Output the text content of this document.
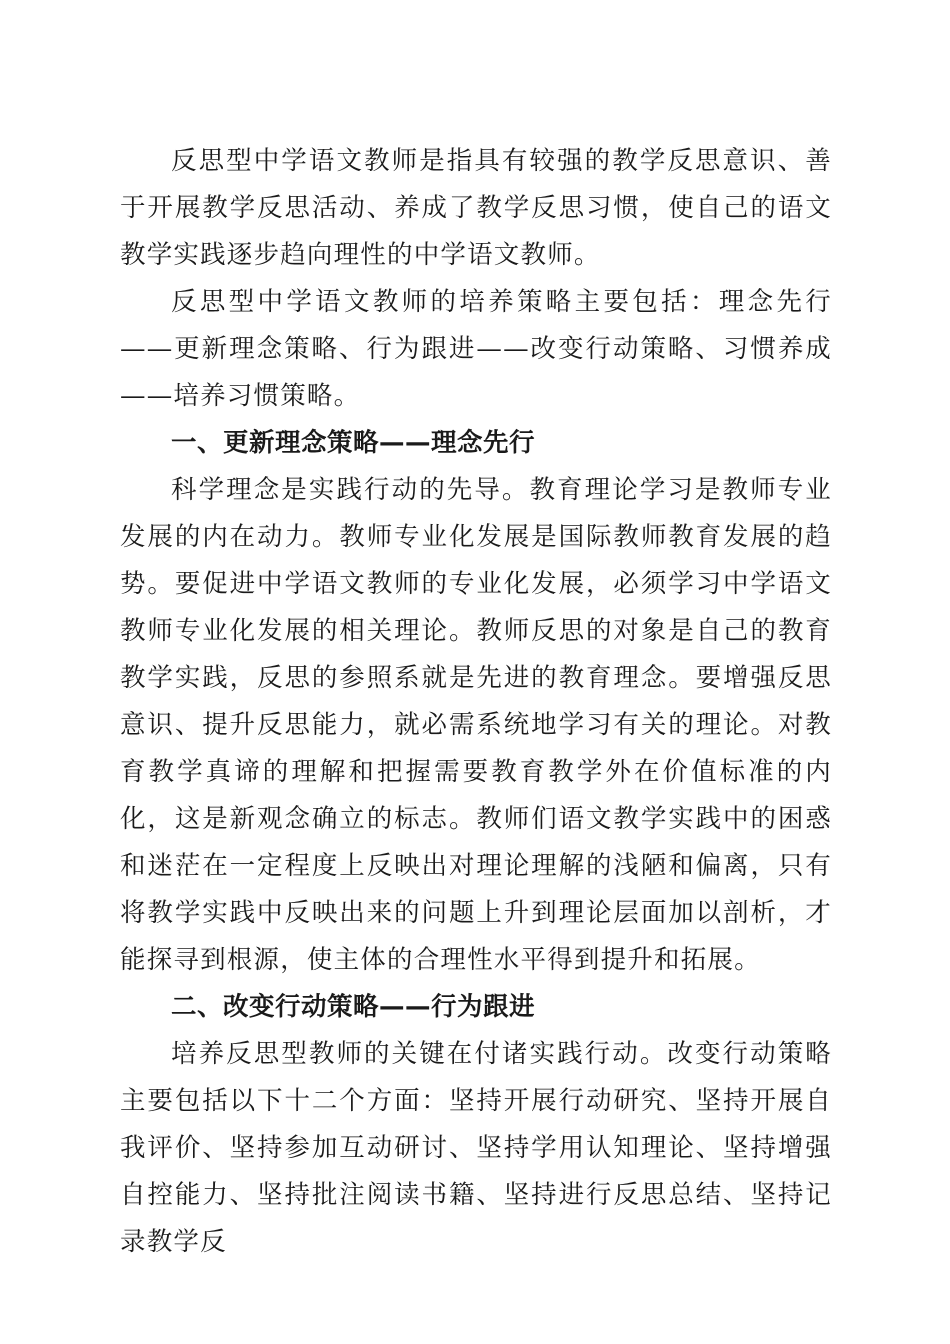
反思型中学语文教师是指具有较强的教学反思意识、善于开展教学反思活动、养成了教学反思习惯，使自己的语文教学实践逐步趋向理性的中学语文教师。

反思型中学语文教师的培养策略主要包括：理念先行——更新理念策略、行为跟进——改变行动策略、习惯养成——培养习惯策略。

一、更新理念策略——理念先行

科学理念是实践行动的先导。教育理论学习是教师专业发展的内在动力。教师专业化发展是国际教师教育发展的趋势。要促进中学语文教师的专业化发展，必须学习中学语文教师专业化发展的相关理论。教师反思的对象是自己的教育教学实践，反思的参照系就是先进的教育理念。要增强反思意识、提升反思能力，就必需系统地学习有关的理论。对教育教学真谛的理解和把握需要教育教学外在价值标准的内化，这是新观念确立的标志。教师们语文教学实践中的困惑和迷茫在一定程度上反映出对理论理解的浅陋和偏离，只有将教学实践中反映出来的问题上升到理论层面加以剖析，才能探寻到根源，使主体的合理性水平得到提升和拓展。

二、改变行动策略——行为跟进

培养反思型教师的关键在付诸实践行动。改变行动策略主要包括以下十二个方面：坚持开展行动研究、坚持开展自我评价、坚持参加互动研讨、坚持学用认知理论、坚持增强自控能力、坚持批注阅读书籍、坚持进行反思总结、坚持记录教学反
